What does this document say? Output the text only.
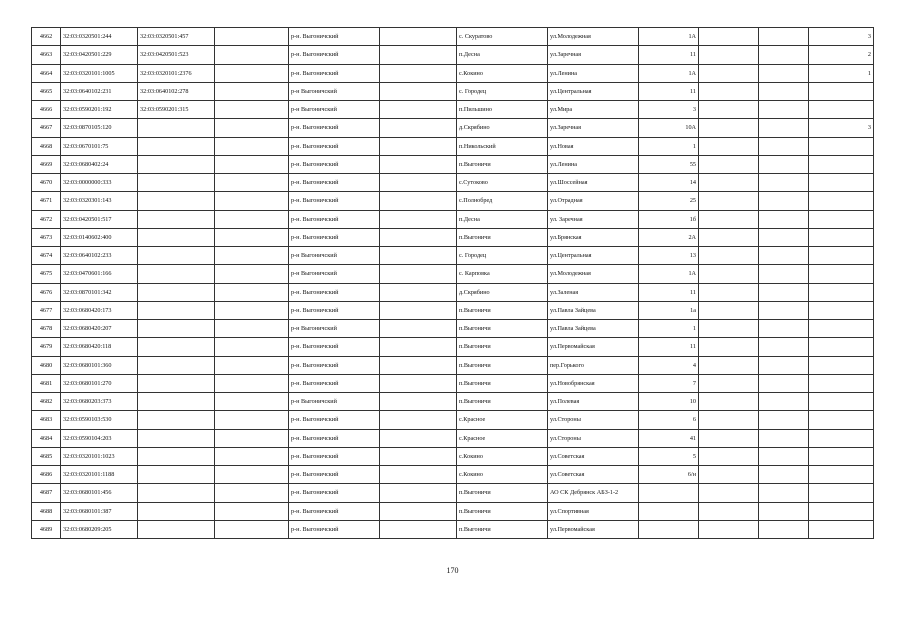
4662	32:03:0320501:244	32:03:0320501:457		р-н. Выгоничский		с. Скуратово	ул.Молодежная	1А			3
4663	32:03:0420501:229	32:03:0420501:523		р-н. Выгоничский		п.Десна	ул.Заречная	11			2
4664	32:03:0320101:1005	32:03:0320101:2376		р-н. Выгоничский		с.Кокино	ул.Ленина	1А			1
4665	32:03:0640102:231	32:03:0640102:278		р-н Выгоничский		с. Городец	ул.Центральная	11			
4666	32:03:0590201:192	32:03:0590201:315		р-н Выгоничский		п.Пильшино	ул.Мира	3			
4667	32:03:0870105:120			р-н. Выгоничский		д.Скрябино	ул.Заречная	10А			3
4668	32:03:0670101:75			р-н. Выгоничский		п.Никольский	ул.Новая	1			
4669	32:03:0680402:24			р-н. Выгоничский		п.Выгоничи	ул.Ленина	55			
4670	32:03:0000000:333			р-н. Выгоничский		с.Сутоково	ул.Шоссейная	14			
4671	32:03:0320301:143			р-н. Выгоничский		с.Полнобред	ул.Отрадная	25			
4672	32:03:0420501:517			р-н. Выгоничский		п.Десна	ул. Заречная	1б			
4673	32:03:0140602:400			р-н. Выгоничский		п.Выгоничи	ул.Брянская	2А			
4674	32:03:0640102:233			р-н Выгоничский		с. Городец	ул.Центральная	13			
4675	32:03:0470601:166			р-н Выгоничский		с. Карповка	ул.Молодежная	1А			
4676	32:03:0870101:342			р-н. Выгоничский		д.Скрябино	ул.Заленая	11			
4677	32:03:0680420:173			р-н. Выгоничский		п.Выгоничи	ул.Павла Зайцева	1а			
4678	32:03:0680420:207			р-н Выгоничский		п.Выгоничи	ул.Павла Зайцева	1			
4679	32:03:0680420:118			р-н. Выгоничский		п.Выгоничи	ул.Первомайская	11			
4680	32:03:0680101:360			р-н. Выгоничский		п.Выгоничи	пер.Горького	4			
4681	32:03:0680101:270			р-н. Выгоничский		п.Выгоничи	ул.Новобрянская	7			
4682	32:03:0680203:373			р-н Выгоничский		п.Выгоничи	ул.Полевая	10			
4683	32:03:0590103:530			р-н. Выгоничский		с.Красное	ул.Стороны	6			
4684	32:03:0590104:203			р-н. Выгоничский		с.Красное	ул.Стороны	41			
4685	32:03:0320101:1023			р-н. Выгоничский		с.Кокино	ул.Советская	5			
4686	32:03:0320101:1188			р-н. Выгоничский		с.Кокино	ул.Советская	6/н			
4687	32:03:0680101:456			р-н. Выгоничский		п.Выгоничи	АО СК Дебрянск АБЗ-1-2				
4688	32:03:0680101:387			р-н. Выгоничский		п.Выгоничи	ул.Спортивная				
4689	32:03:0680209:205			р-н. Выгоничский		п.Выгоничи	ул.Первомайская				
170
